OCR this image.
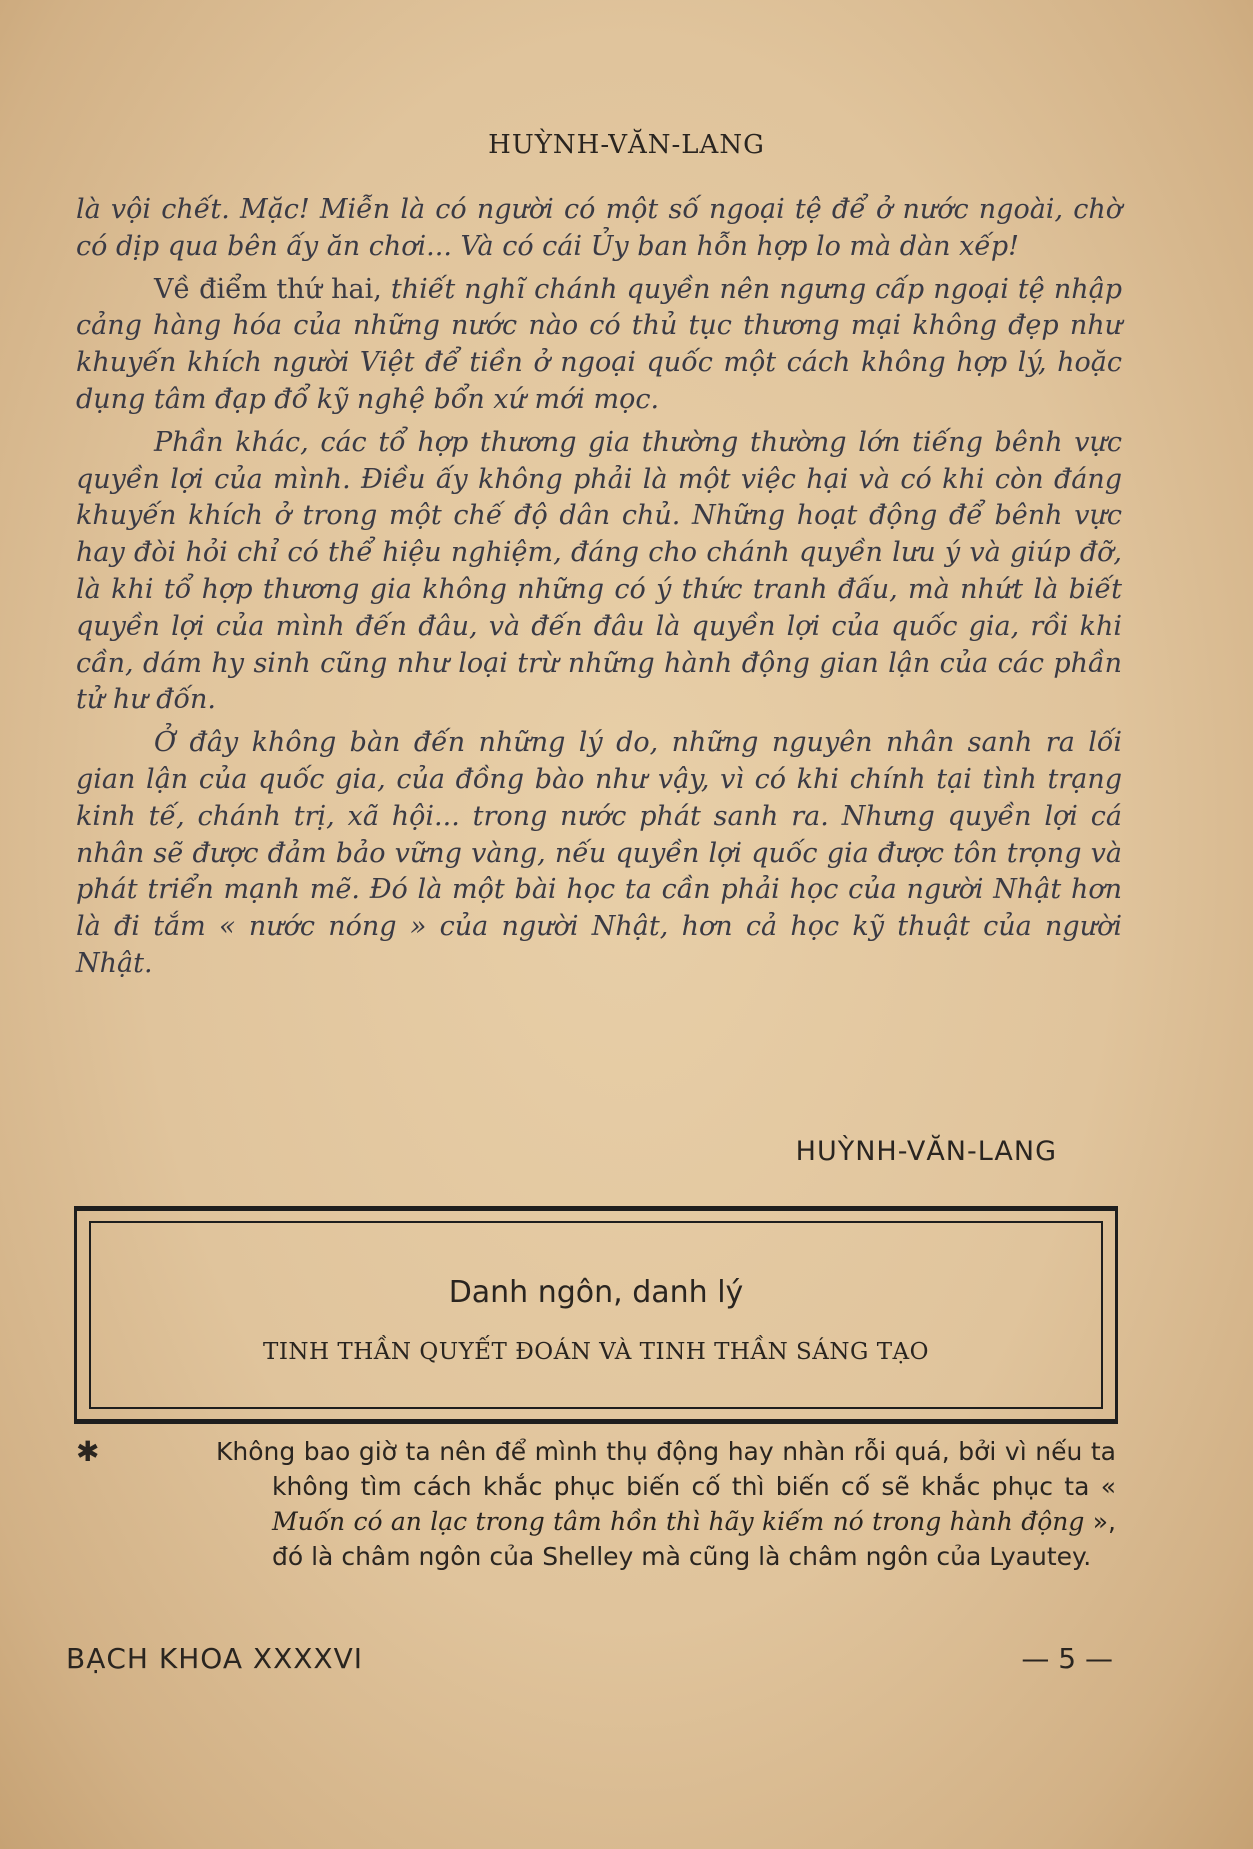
HUỲNH-VĂN-LANG

là vội chết. Mặc! Miễn là có người có một số ngoại tệ để ở nước ngoài, chờ có dịp qua bên ấy ăn chơi... Và có cái Ủy ban hỗn hợp lo mà dàn xếp!

Về điểm thứ hai, thiết nghĩ chánh quyền nên ngưng cấp ngoại tệ nhập cảng hàng hóa của những nước nào có thủ tục thương mại không đẹp như khuyến khích người Việt để tiền ở ngoại quốc một cách không hợp lý, hoặc dụng tâm đạp đổ kỹ nghệ bổn xứ mới mọc.

Phần khác, các tổ hợp thương gia thường thường lớn tiếng bênh vực quyền lợi của mình. Điều ấy không phải là một việc hại và có khi còn đáng khuyến khích ở trong một chế độ dân chủ. Những hoạt động để bênh vực hay đòi hỏi chỉ có thể hiệu nghiệm, đáng cho chánh quyền lưu ý và giúp đỡ, là khi tổ hợp thương gia không những có ý thức tranh đấu, mà nhứt là biết quyền lợi của mình đến đâu, và đến đâu là quyền lợi của quốc gia, rồi khi cần, dám hy sinh cũng như loại trừ những hành động gian lận của các phần tử hư đốn.

Ở đây không bàn đến những lý do, những nguyên nhân sanh ra lối gian lận của quốc gia, của đồng bào như vậy, vì có khi chính tại tình trạng kinh tế, chánh trị, xã hội... trong nước phát sanh ra. Nhưng quyền lợi cá nhân sẽ được đảm bảo vững vàng, nếu quyền lợi quốc gia được tôn trọng và phát triển mạnh mẽ. Đó là một bài học ta cần phải học của người Nhật hơn là đi tắm « nước nóng » của người Nhật, hơn cả học kỹ thuật của người Nhật.

HUỲNH-VĂN-LANG
Danh ngôn, danh lý
TINH THẦN QUYẾT ĐOÁN VÀ TINH THẦN SÁNG TẠO
✱	Không bao giờ ta nên để mình thụ động hay nhàn rỗi quá, bởi vì nếu ta không tìm cách khắc phục biến cố thì biến cố sẽ khắc phục ta « Muốn có an lạc trong tâm hồn thì hãy kiếm nó trong hành động », đó là châm ngôn của Shelley mà cũng là châm ngôn của Lyautey.
BẠCH KHOA XXXXVI	— 5 —
